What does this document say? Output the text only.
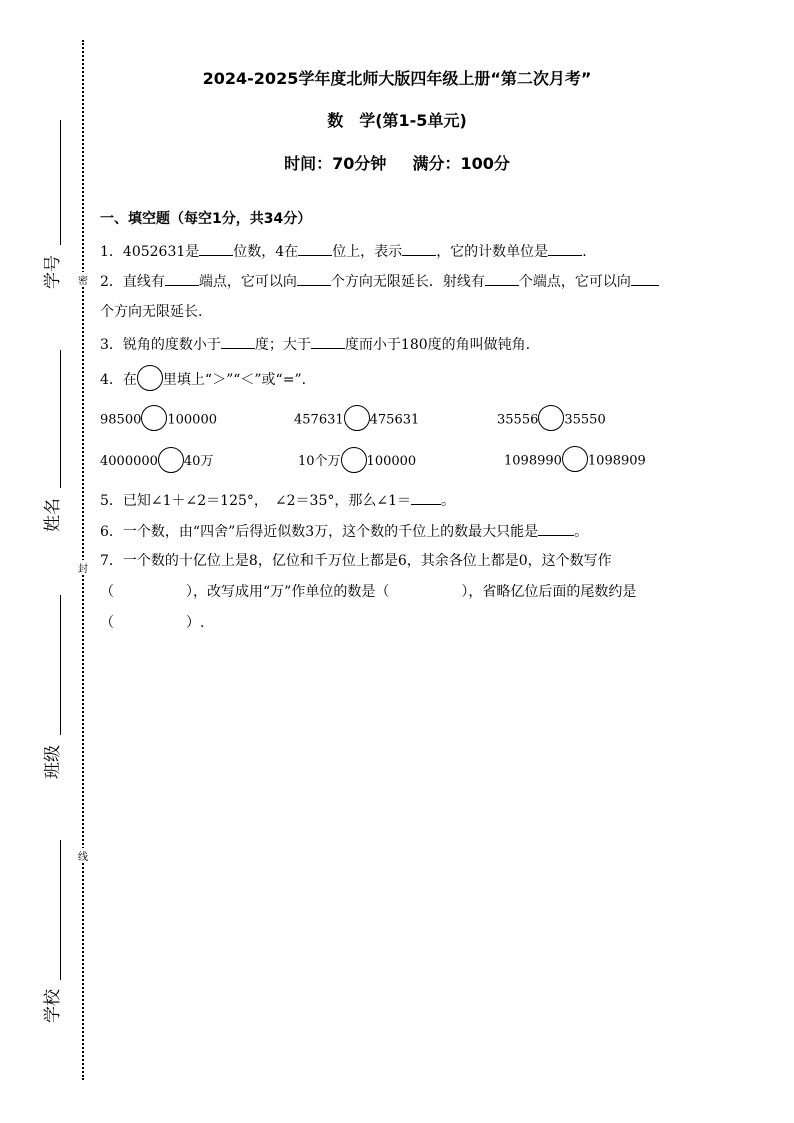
学号
姓名
班级
学校
密
封
线
2024-2025学年度北师大版四年级上册“第二次月考”
数　学(第1-5单元)
时间：70分钟 满分：100分
一、填空题（每空1分，共34分）
1．4052631是 位数，4在 位上，表示 ，它的计数单位是 .
2．直线有 端点，它可以向 个方向无限延长．射线有 个端点，它可以向
个方向无限延长.
3．锐角的度数小于 度；大于 度而小于180度的角叫做钝角.
4．在 里填上“＞”“＜”或“=”.
98500 100000	457631 475631	35556 35550
4000000 40万	10个万 100000	1098990 1098909
5．已知∠1＋∠2＝125°，　∠2＝35°，那么∠1＝ 。
6．一个数，由“四舍”后得近似数3万，这个数的千位上的数最大只能是	。
7．一个数的十亿位上是8，亿位和千万位上都是6，其余各位上都是0，这个数写作
（	），改写成用“万”作单位的数是（	），省略亿位后面的尾数约是
（	）.
